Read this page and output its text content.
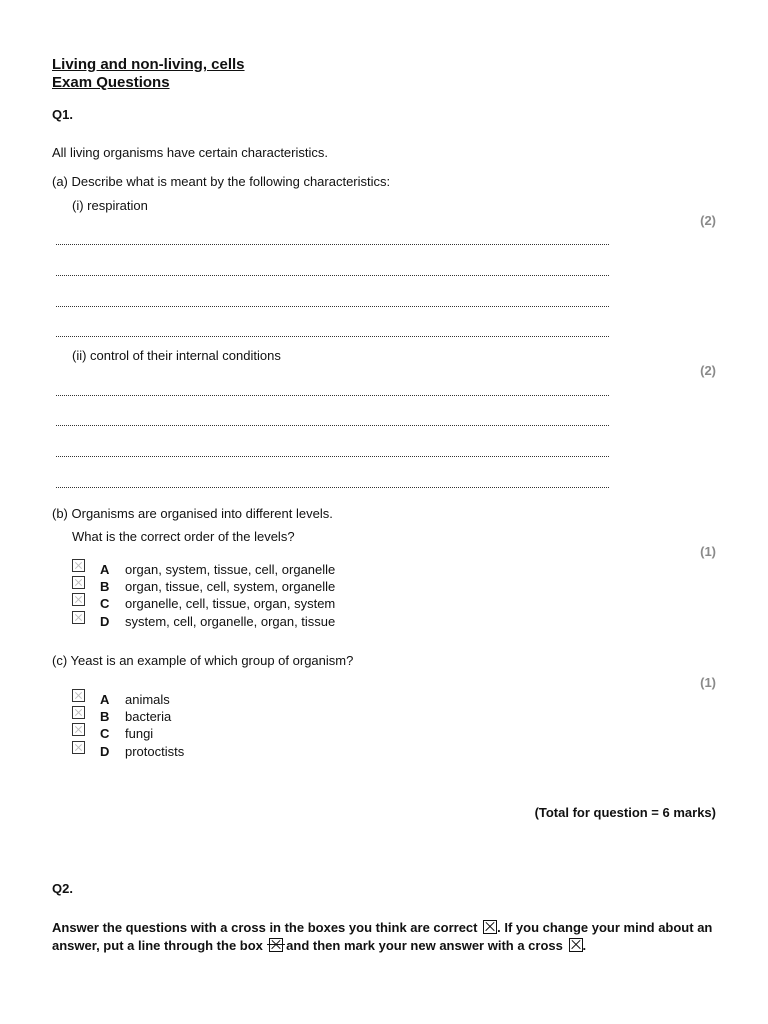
Living and non-living, cells
Exam Questions
Q1.
All living organisms have certain characteristics.
(a) Describe what is meant by the following characteristics:
(i) respiration
(2)
(ii) control of their internal conditions
(2)
(b) Organisms are organised into different levels.
What is the correct order of the levels?
(1)
A organ, system, tissue, cell, organelle
B organ, tissue, cell, system, organelle
C organelle, cell, tissue, organ, system
D system, cell, organelle, organ, tissue
(c) Yeast is an example of which group of organism?
(1)
A animals
B bacteria
C fungi
D protoctists
(Total for question = 6 marks)
Q2.
Answer the questions with a cross in the boxes you think are correct ☒. If you change your mind about an answer, put a line through the box and then mark your new answer with a cross ☒.
